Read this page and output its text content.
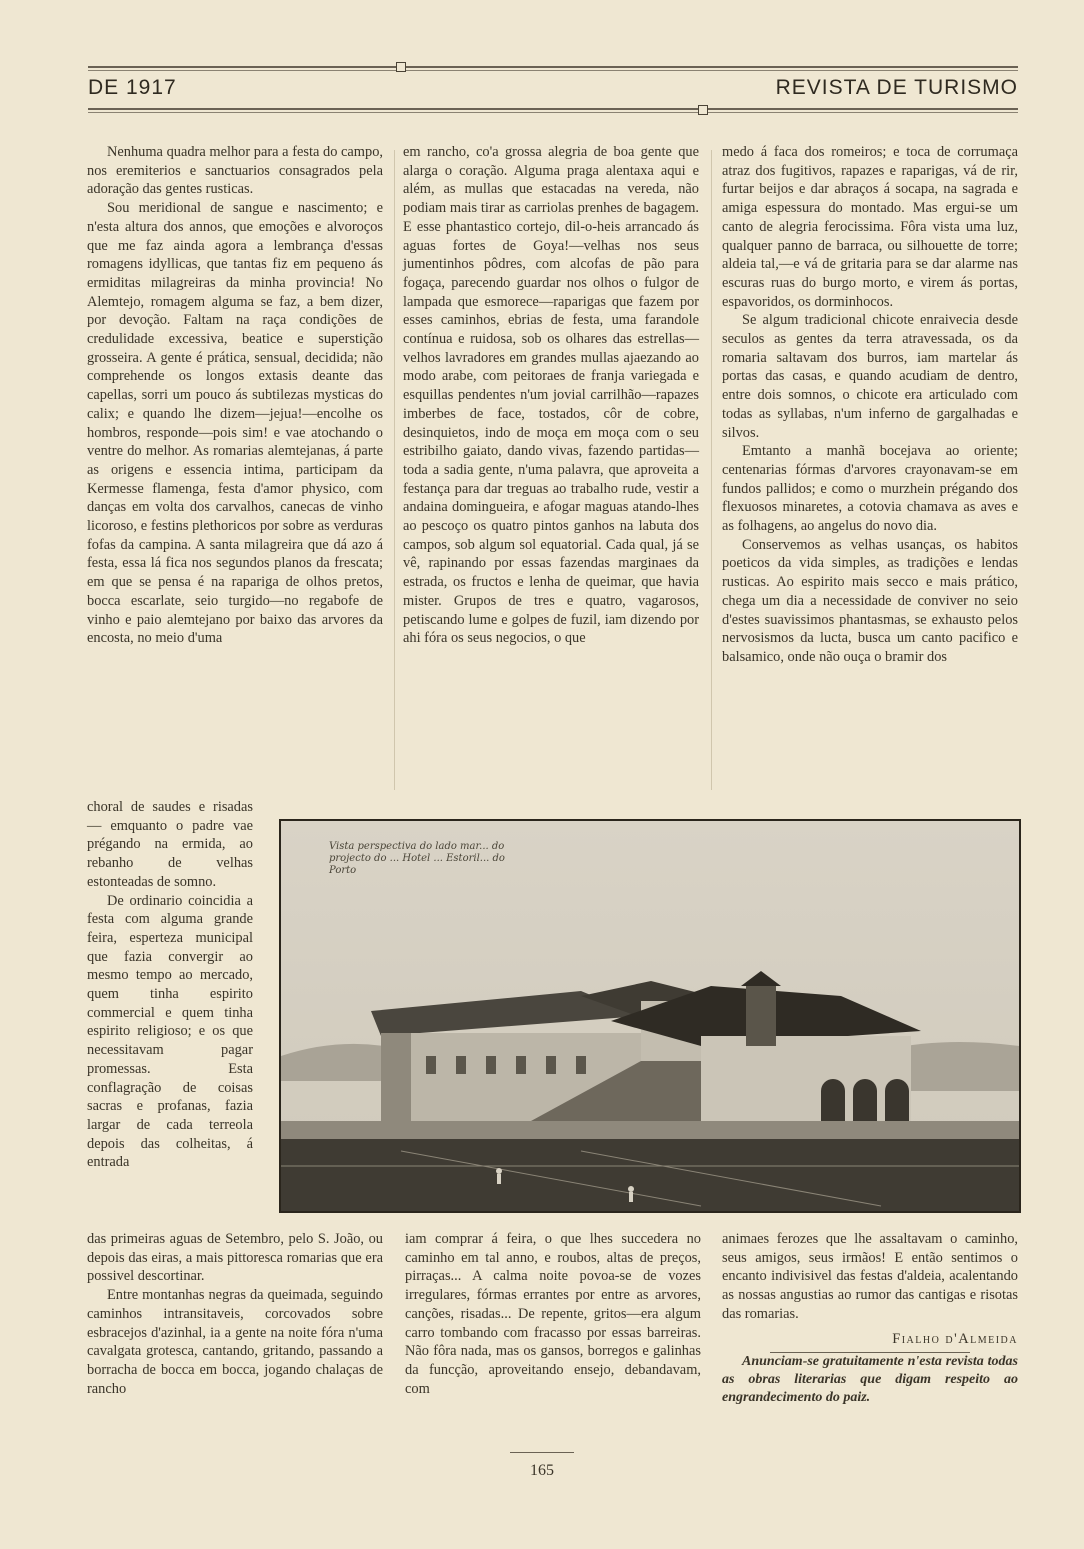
DE 1917	REVISTA DE TURISMO

Nenhuma quadra melhor para a festa do campo, nos eremiterios e sanctuarios consagrados pela adoração das gentes rusticas.

Sou meridional de sangue e nascimento; e n'esta altura dos annos, que emoções e alvoroços que me faz ainda agora a lembrança d'essas romagens idyllicas, que tantas fiz em pequeno ás ermiditas milagreiras da minha provincia! No Alemtejo, romagem alguma se faz, a bem dizer, por devoção. Faltam na raça condições de credulidade excessiva, beatice e superstição grosseira. A gente é prática, sensual, decidida; não comprehende os longos extasis deante das capellas, sorri um pouco ás subtilezas mysticas do calix; e quando lhe dizem—jejua!—encolhe os hombros, responde—pois sim! e vae atochando o ventre do melhor. As romarias alemtejanas, á parte as origens e essencia intima, participam da Kermesse flamenga, festa d'amor physico, com danças em volta dos carvalhos, canecas de vinho licoroso, e festins plethoricos por sobre as verduras fofas da campina. A santa milagreira que dá azo á festa, essa lá fica nos segundos planos da frescata; em que se pensa é na rapariga de olhos pretos, bocca escarlate, seio turgido—no regabofe de vinho e paio alemtejano por baixo das arvores da encosta, no meio d'uma

choral de saudes e risadas — emquanto o padre vae prégando na ermida, ao rebanho de velhas estonteadas de somno.

De ordinario coincidia a festa com alguma grande feira, esperteza municipal que fazia convergir ao mesmo tempo ao mercado, quem tinha espirito commercial e quem tinha espirito religioso; e os que necessitavam pagar promessas. Esta conflagração de coisas sacras e profanas, fazia largar de cada terreola depois das colheitas, á entrada

das primeiras aguas de Setembro, pelo S. João, ou depois das eiras, a mais pittoresca romarias que era possivel descortinar.

Entre montanhas negras da queimada, seguindo caminhos intransitaveis, corcovados sobre esbracejos d'azinhal, ia a gente na noite fóra n'uma cavalgata grotesca, cantando, gritando, passando a borracha de bocca em bocca, jogando chalaças de rancho

em rancho, co'a grossa alegria de boa gente que alarga o coração. Alguma praga alentaxa aqui e além, as mullas que estacadas na vereda, não podiam mais tirar as carriolas prenhes de bagagem. E esse phantastico cortejo, dil-o-heis arrancado ás aguas fortes de Goya!—velhas nos seus jumentinhos pôdres, com alcofas de pão para fogaça, parecendo guardar nos olhos o fulgor de lampada que esmorece—raparigas que fazem por esses caminhos, ebrias de festa, uma farandole contínua e ruidosa, sob os olhares das estrellas—velhos lavradores em grandes mullas ajaezando ao modo arabe, com peitoraes de franja variegada e esquillas pendentes n'um jovial carrilhão—rapazes imberbes de face, tostados, côr de cobre, desinquietos, indo de moça em moça com o seu estribilho gaiato, dando vivas, fazendo partidas—toda a sadia gente, n'uma palavra, que aproveita a festança para dar treguas ao trabalho rude, vestir a andaina domingueira, e afogar maguas atando-lhes ao pescoço os quatro pintos ganhos na labuta dos campos, sob algum sol equatorial. Cada qual, já se vê, rapinando por essas fazendas marginaes da estrada, os fructos e lenha de queimar, que havia mister. Grupos de tres e quatro, vagarosos, petiscando lume e golpes de fuzil, iam dizendo por ahi fóra os seus negocios, o que

iam comprar á feira, o que lhes succedera no caminho em tal anno, e roubos, altas de preços, pirraças... A calma noite povoa-se de vozes irregulares, fórmas errantes por entre as arvores, canções, risadas... De repente, gritos—era algum carro tombando com fracasso por essas barreiras. Não fôra nada, mas os gansos, borregos e galinhas da funcção, aproveitando ensejo, debandavam, com

medo á faca dos romeiros; e toca de corrumaça atraz dos fugitivos, rapazes e raparigas, vá de rir, furtar beijos e dar abraços á socapa, na sagrada e amiga espessura do montado. Mas ergui-se um canto de alegria ferocissima. Fôra vista uma luz, qualquer panno de barraca, ou silhouette de torre; aldeia tal,—e vá de gritaria para se dar alarme nas escuras ruas do burgo morto, e virem ás portas, espavoridos, os dorminhocos.

Se algum tradicional chicote enraivecia desde seculos as gentes da terra atravessada, os da romaria saltavam dos burros, iam martelar ás portas das casas, e quando acudiam de dentro, entre dois somnos, o chicote era articulado com todas as syllabas, n'um inferno de gargalhadas e silvos.

Emtanto a manhã bocejava ao oriente; centenarias fórmas d'arvores crayonavam-se em fundos pallidos; e como o murzhein prégando dos flexuosos minaretes, a cotovia chamava as aves e as folhagens, ao angelus do novo dia.

Conservemos as velhas usanças, os habitos poeticos da vida simples, as tradições e lendas rusticas. Ao espirito mais secco e mais prático, chega um dia a necessidade de conviver no seio d'estes suavissimos phantasmas, se exhausto pelos nervosismos da lucta, busca um canto pacifico e balsamico, onde não ouça o bramir dos

animaes ferozes que lhe assaltavam o caminho, seus amigos, seus irmãos! E então sentimos o encanto indivisivel das festas d'aldeia, acalentando as nossas angustias ao rumor das cantigas e risotas das romarias.

Fialho d'Almeida

Anunciam-se gratuitamente n'esta revista todas as obras literarias que digam respeito ao engrandecimento do paiz.

Vista perspectiva do lado mar... do projecto do ... Hotel ... Estoril... do Porto
165
